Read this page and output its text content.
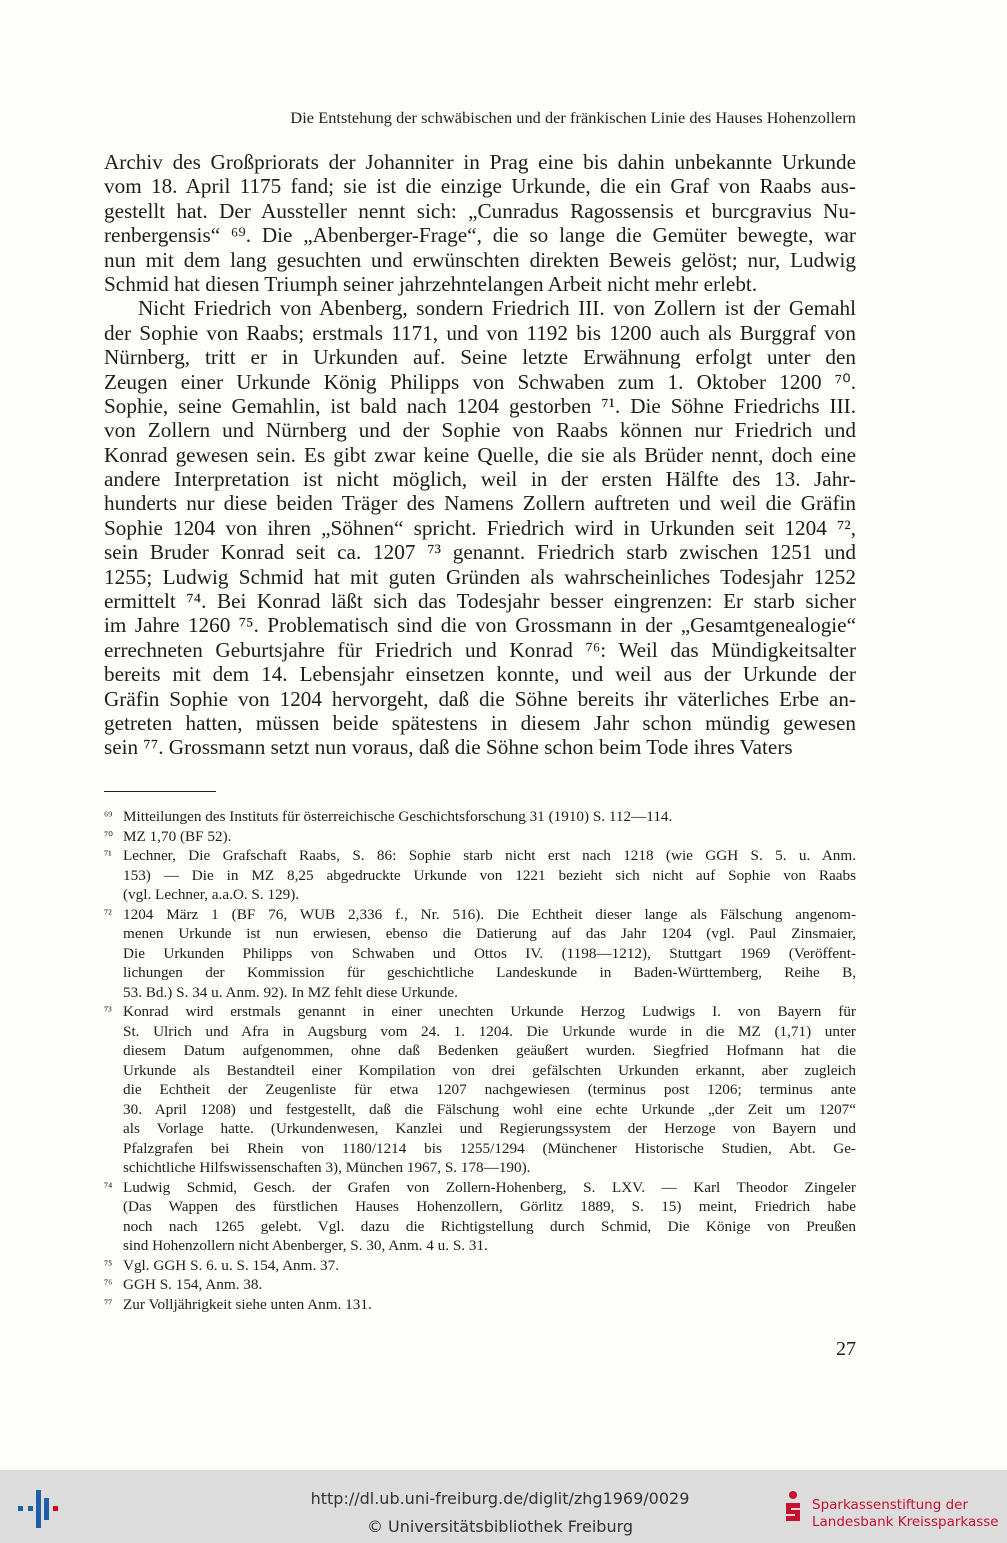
Die Entstehung der schwäbischen und der fränkischen Linie des Hauses Hohenzollern
Archiv des Großpriorats der Johanniter in Prag eine bis dahin unbekannte Urkunde
vom 18. April 1175 fand; sie ist die einzige Urkunde, die ein Graf von Raabs aus-
gestellt hat. Der Aussteller nennt sich: „Cunradus Ragossensis et burcgravius Nu-
renbergensis“ ⁶⁹. Die „Abenberger-Frage“, die so lange die Gemüter bewegte, war
nun mit dem lang gesuchten und erwünschten direkten Beweis gelöst; nur, Ludwig
Schmid hat diesen Triumph seiner jahrzehntelangen Arbeit nicht mehr erlebt.
Nicht Friedrich von Abenberg, sondern Friedrich III. von Zollern ist der Gemahl
der Sophie von Raabs; erstmals 1171, und von 1192 bis 1200 auch als Burggraf von
Nürnberg, tritt er in Urkunden auf. Seine letzte Erwähnung erfolgt unter den
Zeugen einer Urkunde König Philipps von Schwaben zum 1. Oktober 1200 ⁷⁰.
Sophie, seine Gemahlin, ist bald nach 1204 gestorben ⁷¹. Die Söhne Friedrichs III.
von Zollern und Nürnberg und der Sophie von Raabs können nur Friedrich und
Konrad gewesen sein. Es gibt zwar keine Quelle, die sie als Brüder nennt, doch eine
andere Interpretation ist nicht möglich, weil in der ersten Hälfte des 13. Jahr-
hunderts nur diese beiden Träger des Namens Zollern auftreten und weil die Gräfin
Sophie 1204 von ihren „Söhnen“ spricht. Friedrich wird in Urkunden seit 1204 ⁷²,
sein Bruder Konrad seit ca. 1207 ⁷³ genannt. Friedrich starb zwischen 1251 und
1255; Ludwig Schmid hat mit guten Gründen als wahrscheinliches Todesjahr 1252
ermittelt ⁷⁴. Bei Konrad läßt sich das Todesjahr besser eingrenzen: Er starb sicher
im Jahre 1260 ⁷⁵. Problematisch sind die von Grossmann in der „Gesamtgenealogie“
errechneten Geburtsjahre für Friedrich und Konrad ⁷⁶: Weil das Mündigkeitsalter
bereits mit dem 14. Lebensjahr einsetzen konnte, und weil aus der Urkunde der
Gräfin Sophie von 1204 hervorgeht, daß die Söhne bereits ihr väterliches Erbe an-
getreten hatten, müssen beide spätestens in diesem Jahr schon mündig gewesen
sein ⁷⁷. Grossmann setzt nun voraus, daß die Söhne schon beim Tode ihres Vaters
⁶⁹ Mitteilungen des Instituts für österreichische Geschichtsforschung 31 (1910) S. 112—114.
⁷⁰ MZ 1,70 (BF 52).
⁷¹ Lechner, Die Grafschaft Raabs, S. 86: Sophie starb nicht erst nach 1218 (wie GGH S. 5. u. Anm.
153) — Die in MZ 8,25 abgedruckte Urkunde von 1221 bezieht sich nicht auf Sophie von Raabs
(vgl. Lechner, a.a.O. S. 129).
⁷² 1204 März 1 (BF 76, WUB 2,336 f., Nr. 516). Die Echtheit dieser lange als Fälschung angenom-
menen Urkunde ist nun erwiesen, ebenso die Datierung auf das Jahr 1204 (vgl. Paul Zinsmaier,
Die Urkunden Philipps von Schwaben und Ottos IV. (1198—1212), Stuttgart 1969 (Veröffent-
lichungen der Kommission für geschichtliche Landeskunde in Baden-Württemberg, Reihe B,
53. Bd.) S. 34 u. Anm. 92). In MZ fehlt diese Urkunde.
⁷³ Konrad wird erstmals genannt in einer unechten Urkunde Herzog Ludwigs I. von Bayern für
St. Ulrich und Afra in Augsburg vom 24. 1. 1204. Die Urkunde wurde in die MZ (1,71) unter
diesem Datum aufgenommen, ohne daß Bedenken geäußert wurden. Siegfried Hofmann hat die
Urkunde als Bestandteil einer Kompilation von drei gefälschten Urkunden erkannt, aber zugleich
die Echtheit der Zeugenliste für etwa 1207 nachgewiesen (terminus post 1206; terminus ante
30. April 1208) und festgestellt, daß die Fälschung wohl eine echte Urkunde „der Zeit um 1207“
als Vorlage hatte. (Urkundenwesen, Kanzlei und Regierungssystem der Herzoge von Bayern und
Pfalzgrafen bei Rhein von 1180/1214 bis 1255/1294 (Münchener Historische Studien, Abt. Ge-
schichtliche Hilfswissenschaften 3), München 1967, S. 178—190).
⁷⁴ Ludwig Schmid, Gesch. der Grafen von Zollern-Hohenberg, S. LXV. — Karl Theodor Zingeler
(Das Wappen des fürstlichen Hauses Hohenzollern, Görlitz 1889, S. 15) meint, Friedrich habe
noch nach 1265 gelebt. Vgl. dazu die Richtigstellung durch Schmid, Die Könige von Preußen
sind Hohenzollern nicht Abenberger, S. 30, Anm. 4 u. S. 31.
⁷⁵ Vgl. GGH S. 6. u. S. 154, Anm. 37.
⁷⁶ GGH S. 154, Anm. 38.
⁷⁷ Zur Volljährigkeit siehe unten Anm. 131.
27
http://dl.ub.uni-freiburg.de/diglit/zhg1969/0029
© Universitätsbibliothek Freiburg
Sparkassenstiftung der
Landesbank Kreissparkasse
